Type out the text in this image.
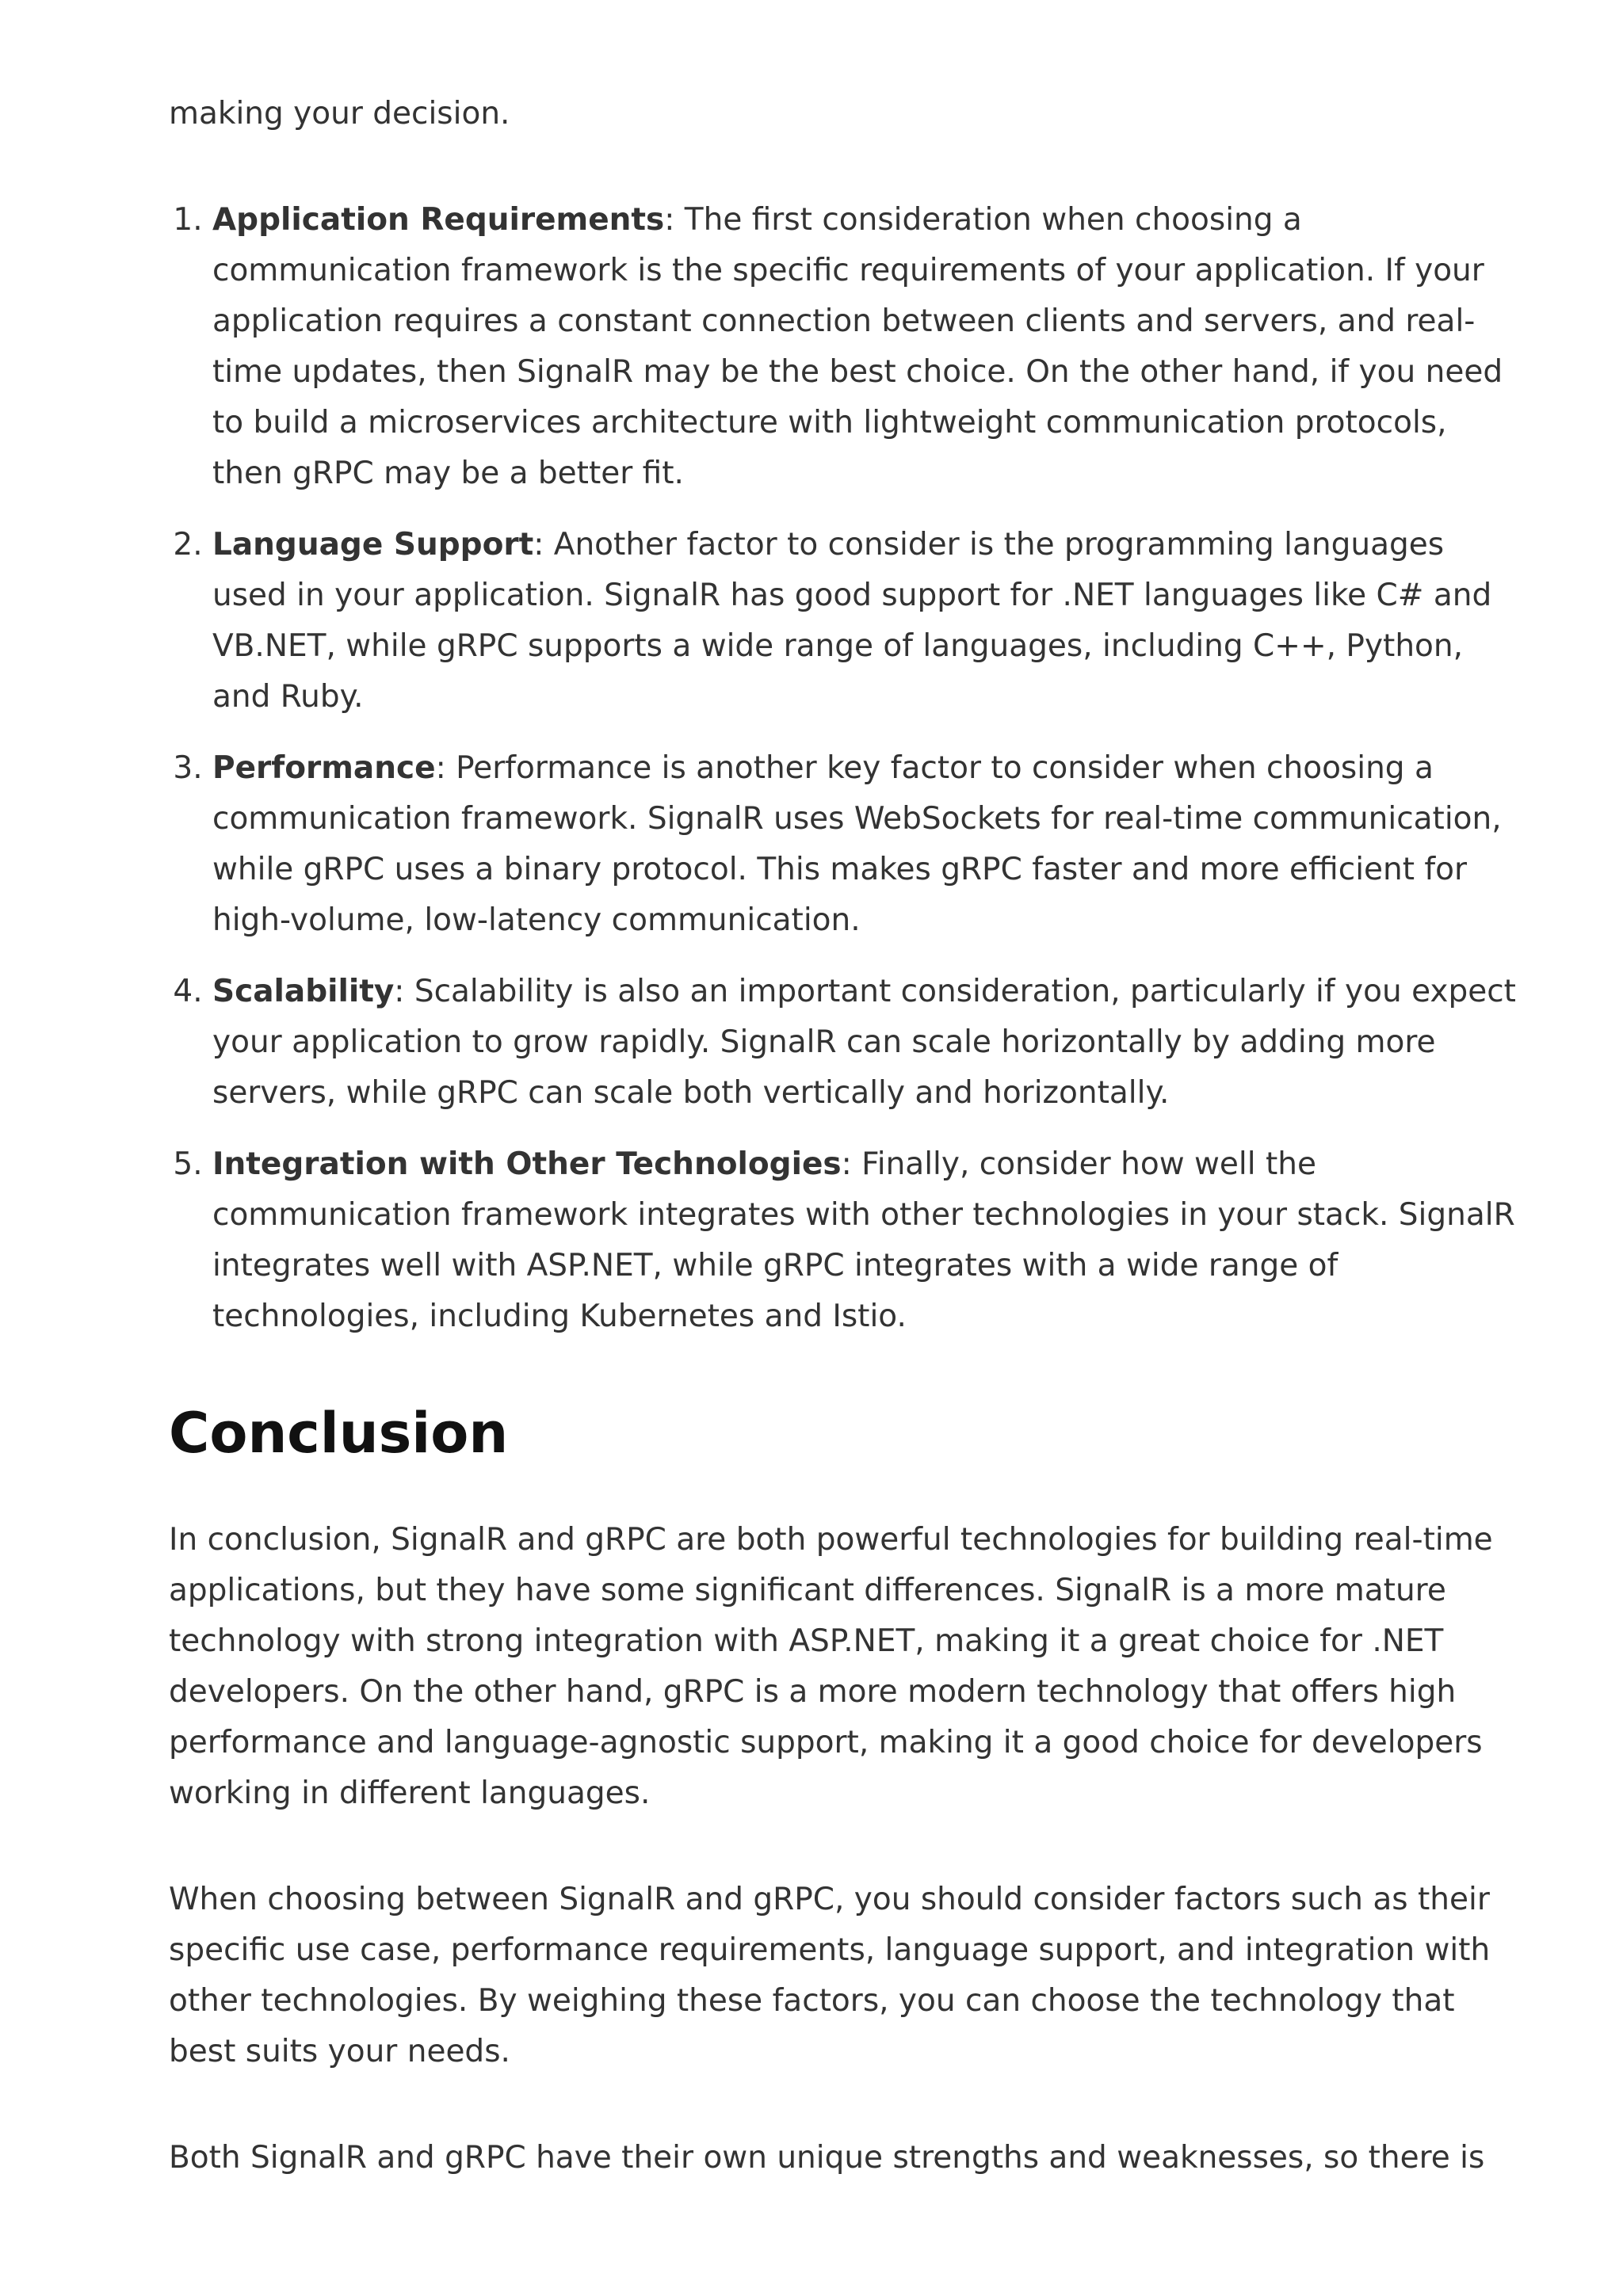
making your decision.

1. Application Requirements: The first consideration when choosing a communication framework is the specific requirements of your application. If your application requires a constant connection between clients and servers, and real-time updates, then SignalR may be the best choice. On the other hand, if you need to build a microservices architecture with lightweight communication protocols, then gRPC may be a better fit.
2. Language Support: Another factor to consider is the programming languages used in your application. SignalR has good support for .NET languages like C# and VB.NET, while gRPC supports a wide range of languages, including C++, Python, and Ruby.
3. Performance: Performance is another key factor to consider when choosing a communication framework. SignalR uses WebSockets for real-time communication, while gRPC uses a binary protocol. This makes gRPC faster and more efficient for high-volume, low-latency communication.
4. Scalability: Scalability is also an important consideration, particularly if you expect your application to grow rapidly. SignalR can scale horizontally by adding more servers, while gRPC can scale both vertically and horizontally.
5. Integration with Other Technologies: Finally, consider how well the communication framework integrates with other technologies in your stack. SignalR integrates well with ASP.NET, while gRPC integrates with a wide range of technologies, including Kubernetes and Istio.
Conclusion

In conclusion, SignalR and gRPC are both powerful technologies for building real-time applications, but they have some significant differences. SignalR is a more mature technology with strong integration with ASP.NET, making it a great choice for .NET developers. On the other hand, gRPC is a more modern technology that offers high performance and language-agnostic support, making it a good choice for developers working in different languages.

When choosing between SignalR and gRPC, you should consider factors such as their specific use case, performance requirements, language support, and integration with other technologies. By weighing these factors, you can choose the technology that best suits your needs.

Both SignalR and gRPC have their own unique strengths and weaknesses, so there is
